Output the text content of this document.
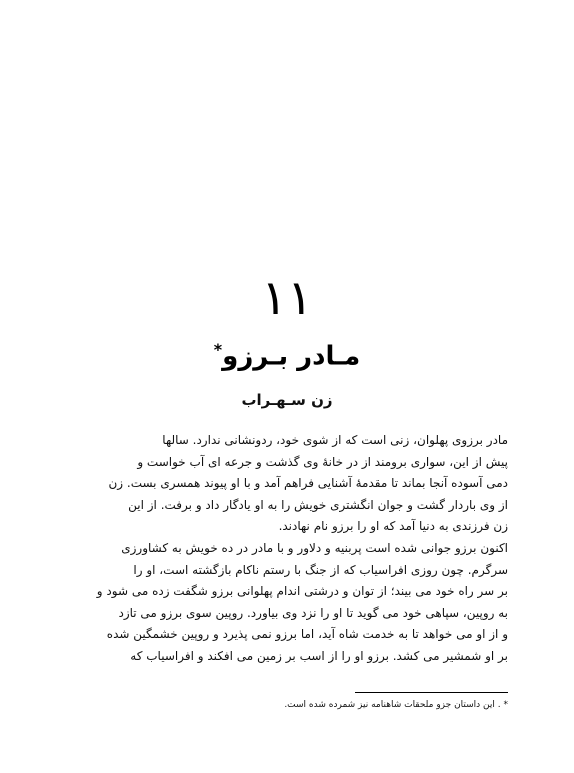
۱۱
مـادر بـرزو*
زن سـهـراب

مادر برزوی پهلوان، زنی است که از شوی خود، ردونشانی ندارد. سالها
پیش از این، سواری برومند از در خانهٔ وی گذشت و جرعه ای آب خواست و
دمی آسوده آنجا بماند تا مقدمهٔ آشنایی فراهم آمد و با او پیوند همسری بست. زن
از وی باردار گشت و جوان انگشتری خویش را به او یادگار داد و برفت. از این
زن فرزندی به دنیا آمد که او را برزو نام نهادند.

اکنون برزو جوانی شده است پربنیه و دلاور و با مادر در ده خویش به کشاورزی
سرگرم. چون روزی افراسیاب که از جنگ با رستم ناکام بازگشته است، او را
بر سر راه خود می بیند؛ از توان و درشتی اندام پهلوانی برزو شگفت زده می شود و
به روپین، سپاهی خود می گوید تا او را نزد وی بیاورد. روپین سوی برزو می تازد
و از او می خواهد تا به خدمت شاه آید، اما برزو نمی پذیرد و روپین خشمگین شده
بر او شمشیر می کشد. برزو او را از اسب بر زمین می افکند و افراسیاب که

* . این داستان جزو ملحقات شاهنامه نیز شمرده شده است.
